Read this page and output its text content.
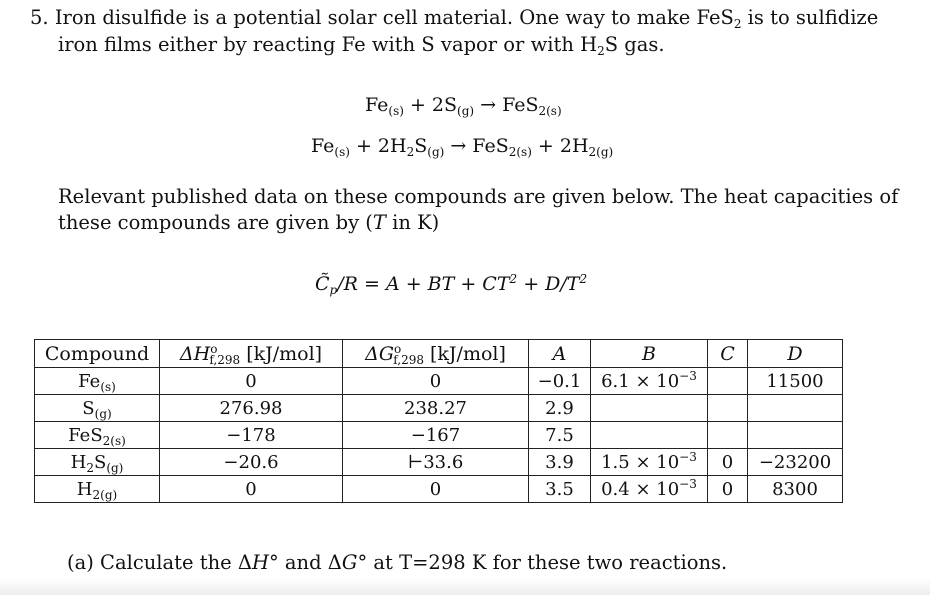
5. Iron disulfide is a potential solar cell material. One way to make FeS$_2$ is to sulfidize
iron films either by reacting Fe with S vapor or with $H_2S$ gas.
$Fe_{(s)} + 2S_{(g)} \to FeS_{2(s)}$
$Fe_{(s)} + 2H_2S_{(g)} \to FeS_{2(s)} + 2H_{2(g)}$
Relevant published data on these compounds are given below. The heat capacities of
these compounds are given by (T in K)
$C̃_p/R = A$ + BT + $CT^2 + D/T^2$
Compound	$\Delta H^o_{f,298}$ [kJ/mol]	$\Delta G^o_{f,298}$ [kJ/mol]	A	B	C	D
$Fe_{(s)}$	0	0	−0.1	$6.1 \times 10^{-3}$		11500
$S_{(g)}$	276.98	238.27	2.9			
FeS$_{2(s)}$	−178	−167	7.5			
$H_2S_{(g)}$	−20.6	⊢33.6	3.9	$1.5 \times 10^{-3}$	0	−23200
$H_{2(g)}$	0	0	3.5	$0.4 \times 10^{-3}$	0	8300
(a) Calculate the ΔH° and ΔG° at T=298 K for these two reactions.
